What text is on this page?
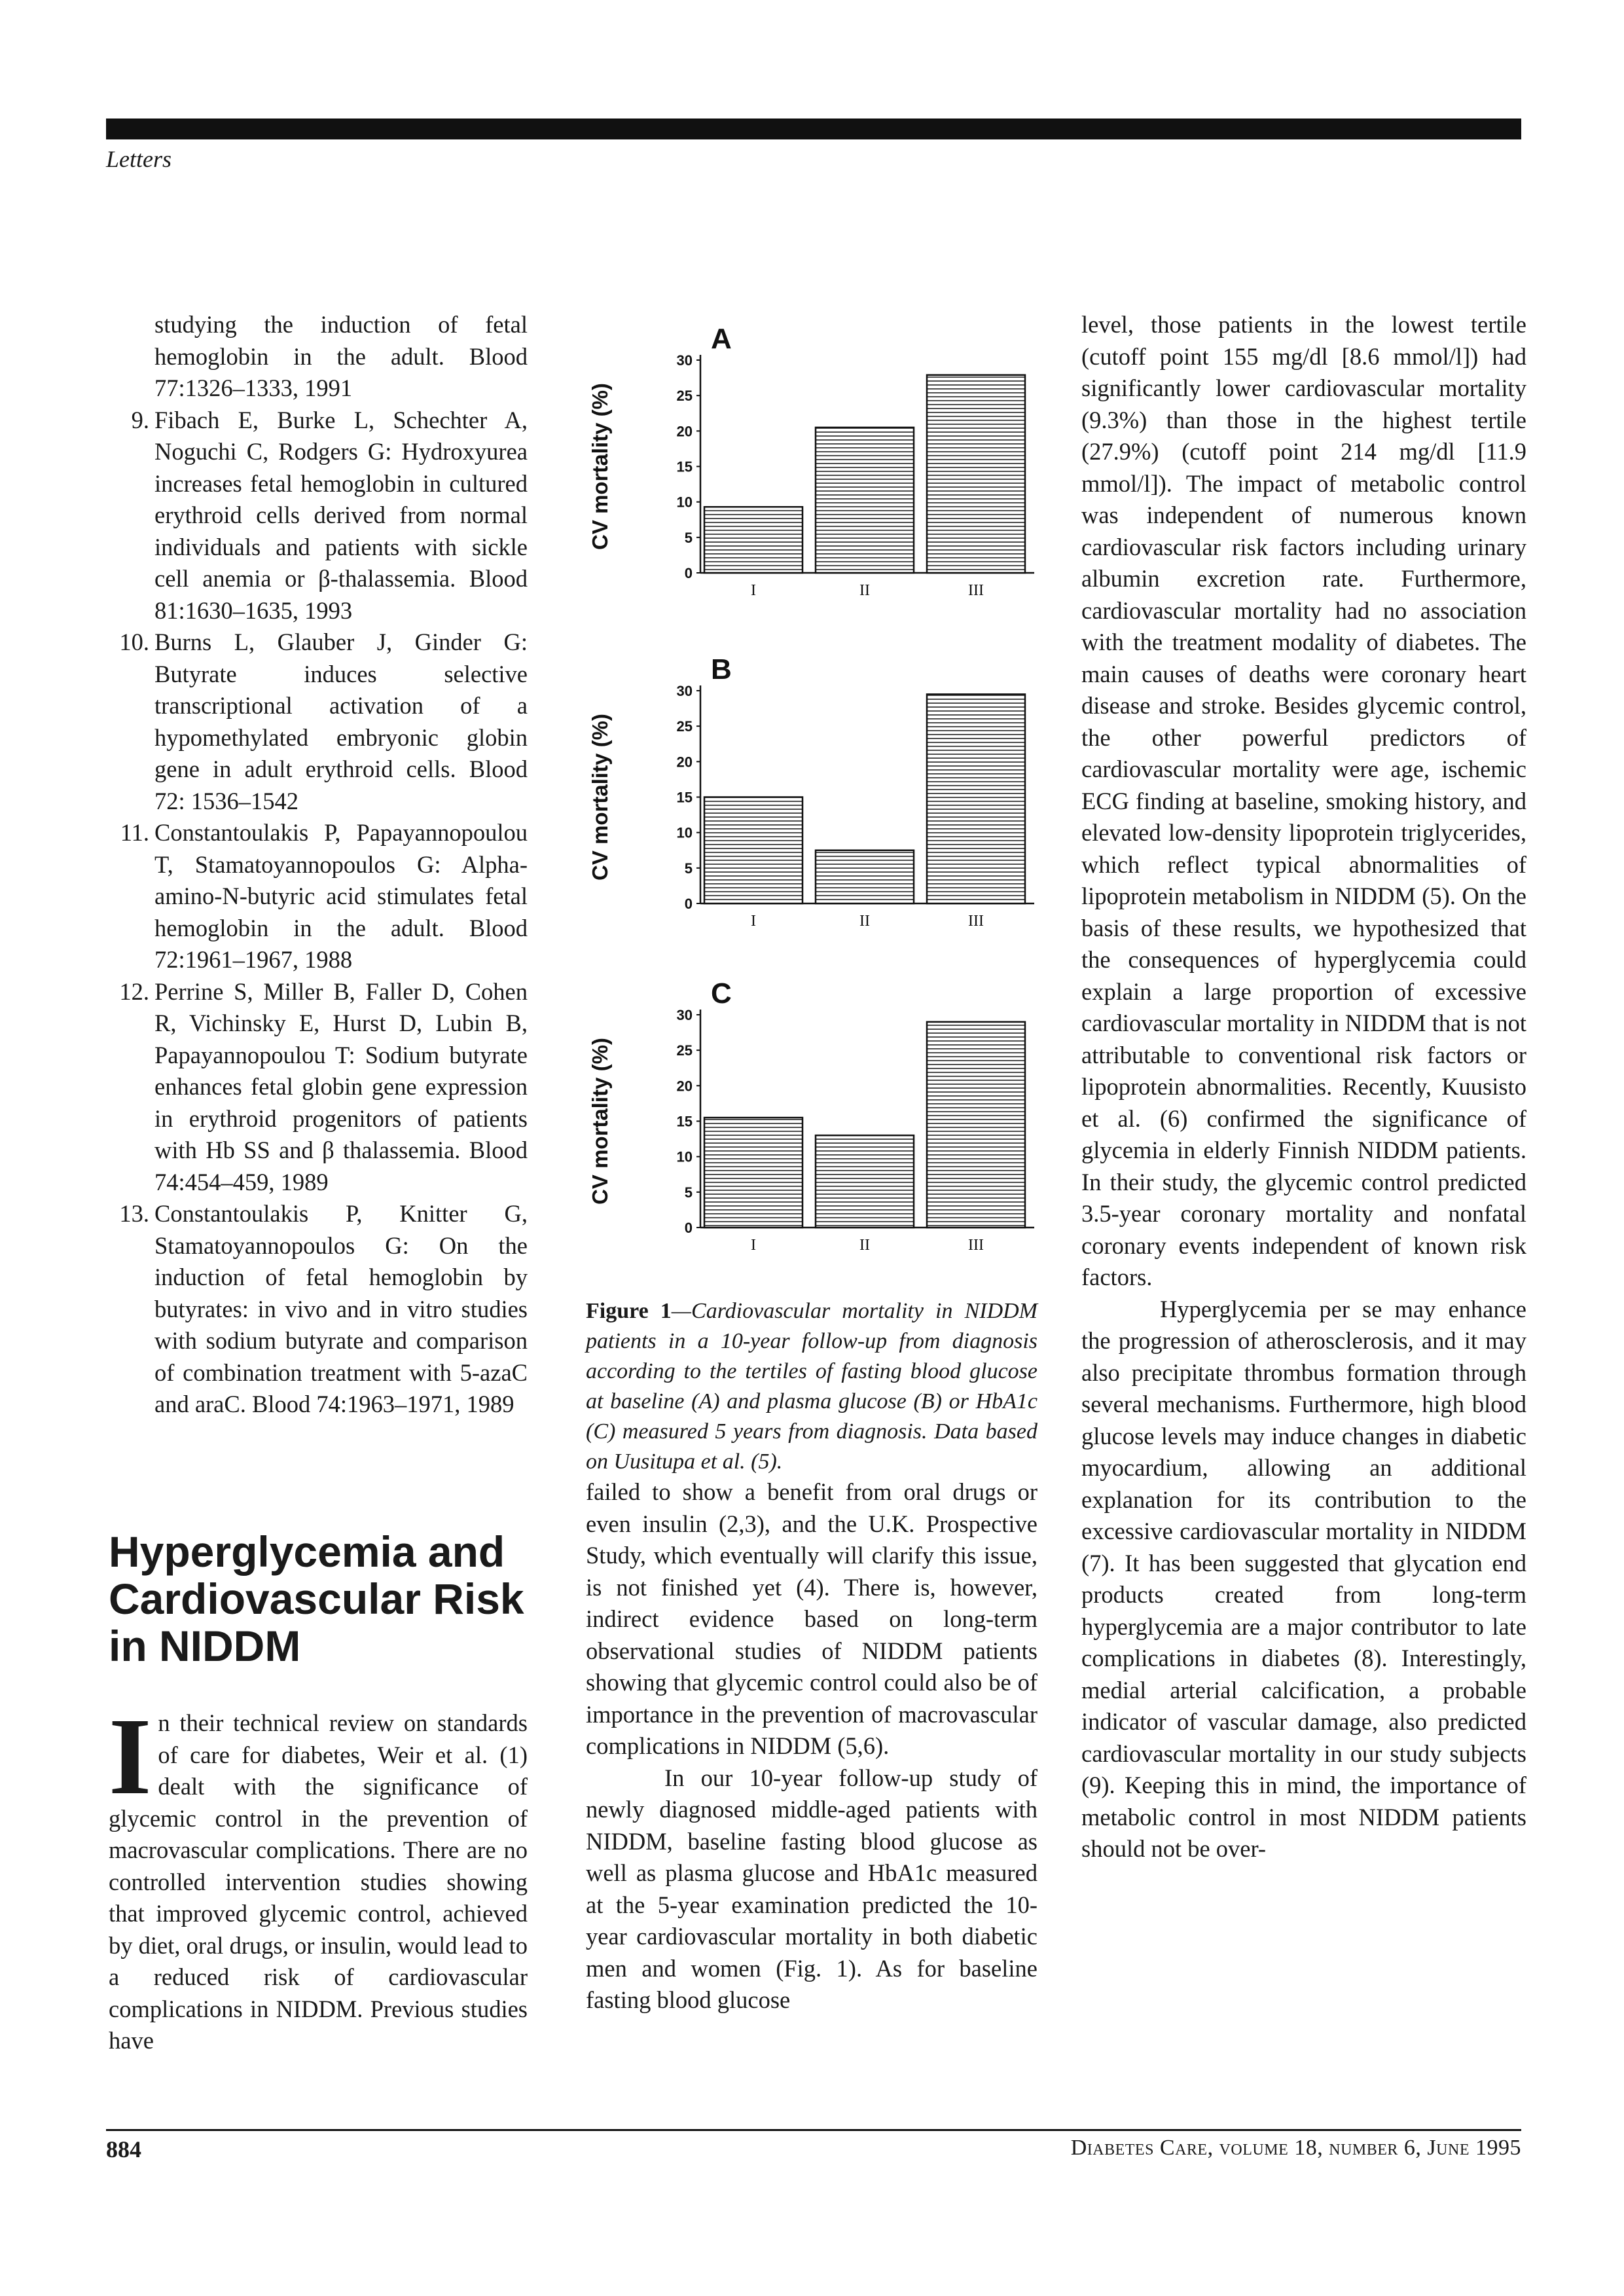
Letters

studying the induction of fetal hemoglobin in the adult. Blood 77:1326–1333, 1991

9. Fibach E, Burke L, Schechter A, Noguchi C, Rodgers G: Hydroxyurea increases fetal hemoglobin in cultured erythroid cells derived from normal individuals and patients with sickle cell anemia or β-thalassemia. Blood 81:1630–1635, 1993

10. Burns L, Glauber J, Ginder G: Butyrate induces selective transcriptional activation of a hypomethylated embryonic globin gene in adult erythroid cells. Blood 72: 1536–1542

11. Constantoulakis P, Papayannopoulou T, Stamatoyannopoulos G: Alpha-amino-N-butyric acid stimulates fetal hemoglobin in the adult. Blood 72:1961–1967, 1988

12. Perrine S, Miller B, Faller D, Cohen R, Vichinsky E, Hurst D, Lubin B, Papayannopoulou T: Sodium butyrate enhances fetal globin gene expression in erythroid progenitors of patients with Hb SS and β thalassemia. Blood 74:454–459, 1989

13. Constantoulakis P, Knitter G, Stamatoyannopoulos G: On the induction of fetal hemoglobin by butyrates: in vivo and in vitro studies with sodium butyrate and comparison of combination treatment with 5-azaC and araC. Blood 74:1963–1971, 1989

Hyperglycemia and Cardiovascular Risk in NIDDM
I n their technical review on standards of care for diabetes, Weir et al. (1) dealt with the significance of glycemic control in the prevention of macrovascular complications. There are no controlled intervention studies showing that improved glycemic control, achieved by diet, oral drugs, or insulin, would lead to a reduced risk of cardiovascular complications in NIDDM. Previous studies have

A
CV mortality (%)
0
5
10
15
20
25
30
I	II	III
B
CV mortality (%)
0
5
10
15
20
25
30
I	II	III
C
CV mortality (%)
0
5
10
15
20
25
30
I	II	III
Figure 1—Cardiovascular mortality in NIDDM patients in a 10-year follow-up from diagnosis according to the tertiles of fasting blood glucose at baseline (A) and plasma glucose (B) or HbA1c (C) measured 5 years from diagnosis. Data based on Uusitupa et al. (5).

failed to show a benefit from oral drugs or even insulin (2,3), and the U.K. Prospective Study, which eventually will clarify this issue, is not finished yet (4). There is, however, indirect evidence based on long-term observational studies of NIDDM patients showing that glycemic control could also be of importance in the prevention of macrovascular complications in NIDDM (5,6).

In our 10-year follow-up study of newly diagnosed middle-aged patients with NIDDM, baseline fasting blood glucose as well as plasma glucose and HbA1c measured at the 5-year examination predicted the 10-year cardiovascular mortality in both diabetic men and women (Fig. 1). As for baseline fasting blood glucose

level, those patients in the lowest tertile (cutoff point 155 mg/dl [8.6 mmol/l]) had significantly lower cardiovascular mortality (9.3%) than those in the highest tertile (27.9%) (cutoff point 214 mg/dl [11.9 mmol/l]). The impact of metabolic control was independent of numerous known cardiovascular risk factors including urinary albumin excretion rate. Furthermore, cardiovascular mortality had no association with the treatment modality of diabetes. The main causes of deaths were coronary heart disease and stroke. Besides glycemic control, the other powerful predictors of cardiovascular mortality were age, ischemic ECG finding at baseline, smoking history, and elevated low-density lipoprotein triglycerides, which reflect typical abnormalities of lipoprotein metabolism in NIDDM (5). On the basis of these results, we hypothesized that the consequences of hyperglycemia could explain a large proportion of excessive cardiovascular mortality in NIDDM that is not attributable to conventional risk factors or lipoprotein abnormalities. Recently, Kuusisto et al. (6) confirmed the significance of glycemia in elderly Finnish NIDDM patients. In their study, the glycemic control predicted 3.5-year coronary mortality and nonfatal coronary events independent of known risk factors.

Hyperglycemia per se may enhance the progression of atherosclerosis, and it may also precipitate thrombus formation through several mechanisms. Furthermore, high blood glucose levels may induce changes in diabetic myocardium, allowing an additional explanation for its contribution to the excessive cardiovascular mortality in NIDDM (7). It has been suggested that glycation end products created from long-term hyperglycemia are a major contributor to late complications in diabetes (8). Interestingly, medial arterial calcification, a probable indicator of vascular damage, also predicted cardiovascular mortality in our study subjects (9). Keeping this in mind, the importance of metabolic control in most NIDDM patients should not be over-

884	Diabetes Care, volume 18, number 6, June 1995
